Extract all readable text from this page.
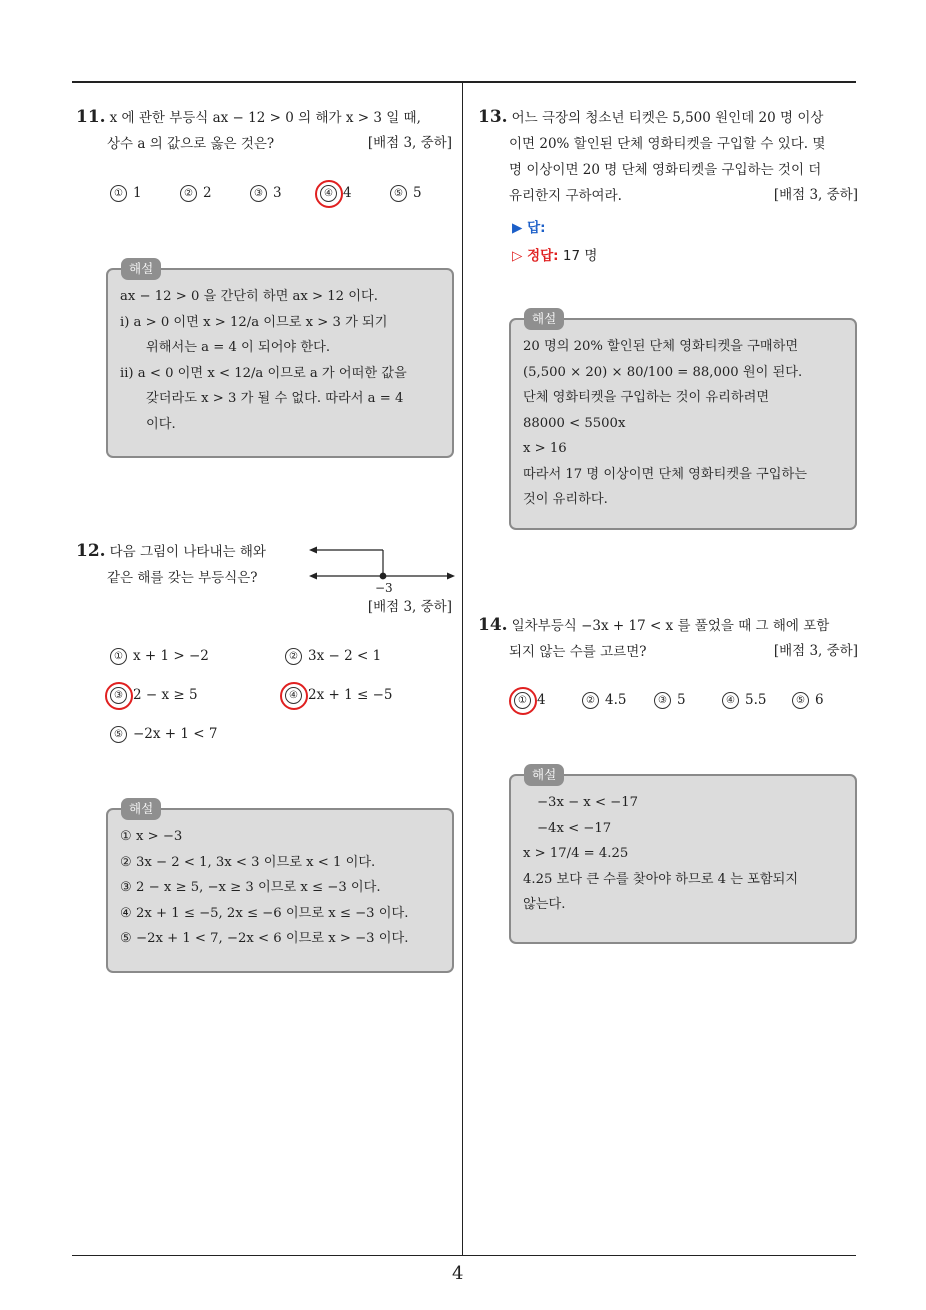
11. x 에 관한 부등식 ax − 12 > 0 의 해가 x > 3 일 때,
상수 a 의 값으로 옳은 것은?	[배점 3, 중하]
① 1	② 2	③ 3	④ 4	⑤ 5
ax − 12 > 0 을 간단히 하면 ax > 12 이다.
ⅰ) a > 0 이면 x > 12/a 이므로 x > 3 가 되기
위해서는 a = 4 이 되어야 한다.
ⅱ) a < 0 이면 x < 12/a 이므로 a 가 어떠한 값을
갖더라도 x > 3 가 될 수 없다. 따라서 a = 4
이다.
해설
12. 다음 그림이 나타내는 해와
같은 해를 갖는 부등식은?
[배점 3, 중하]
−3
① x + 1 > −2	② 3x − 2 < 1
③ 2 − x ≥ 5	④ 2x + 1 ≤ −5
⑤ −2x + 1 < 7
① x > −3
② 3x − 2 < 1, 3x < 3 이므로 x < 1 이다.
③ 2 − x ≥ 5, −x ≥ 3 이므로 x ≤ −3 이다.
④ 2x + 1 ≤ −5, 2x ≤ −6 이므로 x ≤ −3 이다.
⑤ −2x + 1 < 7, −2x < 6 이므로 x > −3 이다.
해설
13. 어느 극장의 청소년 티켓은 5,500 원인데 20 명 이상
이면 20% 할인된 단체 영화티켓을 구입할 수 있다. 몇
명 이상이면 20 명 단체 영화티켓을 구입하는 것이 더
유리한지 구하여라.	[배점 3, 중하]
▶ 답:
▷ 정답: 17 명
20 명의 20% 할인된 단체 영화티켓을 구매하면
(5,500 × 20) × 80/100 = 88,000 원이 된다.
단체 영화티켓을 구입하는 것이 유리하려면
88000 < 5500x
x > 16
따라서 17 명 이상이면 단체 영화티켓을 구입하는
것이 유리하다.
해설
14. 일차부등식 −3x + 17 < x 를 풀었을 때 그 해에 포함
되지 않는 수를 고르면?	[배점 3, 중하]
① 4	② 4.5	③ 5	④ 5.5	⑤ 6
−3x − x < −17
−4x < −17
x > 17/4 = 4.25
4.25 보다 큰 수를 찾아야 하므로 4 는 포함되지
않는다.
해설
4
